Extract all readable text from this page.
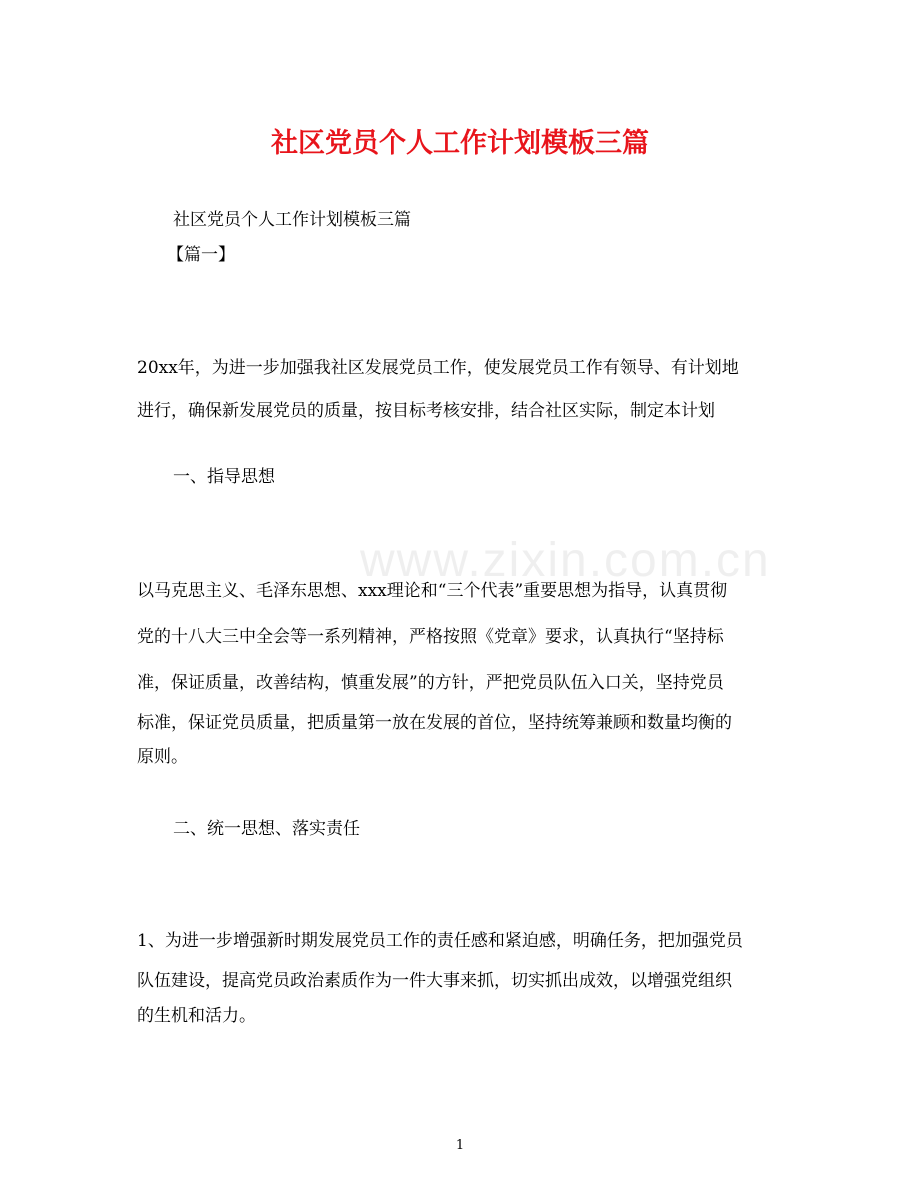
社区党员个人工作计划模板三篇
社区党员个人工作计划模板三篇
【篇一】
20xx年，为进一步加强我社区发展党员工作，使发展党员工作有领导、有计划地
进行，确保新发展党员的质量，按目标考核安排，结合社区实际，制定本计划
一、指导思想
www.zixin.com.cn
以马克思主义、毛泽东思想、xxx理论和“三个代表”重要思想为指导，认真贯彻
党的十八大三中全会等一系列精神，严格按照《党章》要求，认真执行“坚持标
准，保证质量，改善结构，慎重发展”的方针，严把党员队伍入口关，坚持党员
标准，保证党员质量，把质量第一放在发展的首位，坚持统筹兼顾和数量均衡的
原则。
二、统一思想、落实责任
1、为进一步增强新时期发展党员工作的责任感和紧迫感，明确任务，把加强党员
队伍建设，提高党员政治素质作为一件大事来抓，切实抓出成效，以增强党组织
的生机和活力。
1
